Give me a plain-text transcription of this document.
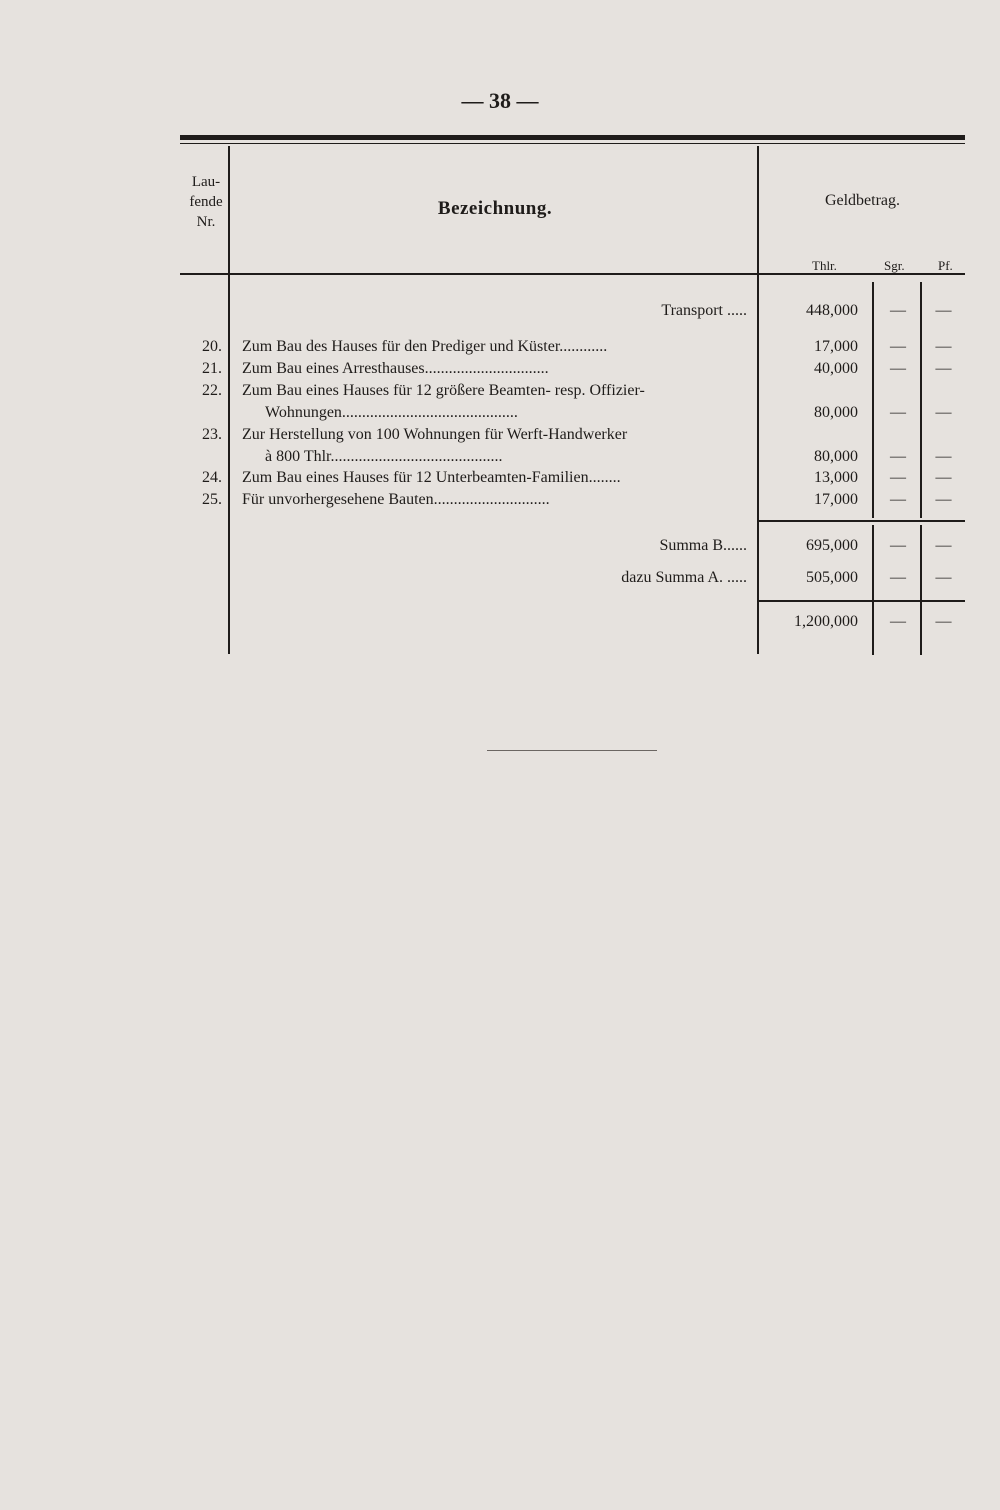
— 38 —
Lau-
fende
Nr.
Bezeichnung.	Geldbetrag.
Thlr.	Sgr.	Pf.
Transport .....	448,000	—	—
20. Zum Bau des Hauses für den Prediger und Küster............	17,000	—	—
21. Zum Bau eines Arresthauses...............................	40,000	—	—
22. Zum Bau eines Hauses für 12 größere Beamten- resp. Offizier-
Wohnungen............................................	80,000	—	—
23. Zur Herstellung von 100 Wohnungen für Werft-Handwerker
à 800 Thlr...........................................	80,000	—	—
24. Zum Bau eines Hauses für 12 Unterbeamten-Familien........	13,000	—	—
25. Für unvorhergesehene Bauten.............................	17,000	—	—
Summa B......	695,000	—	—
dazu Summa A. .....	505,000	—	—
1,200,000	—	—
